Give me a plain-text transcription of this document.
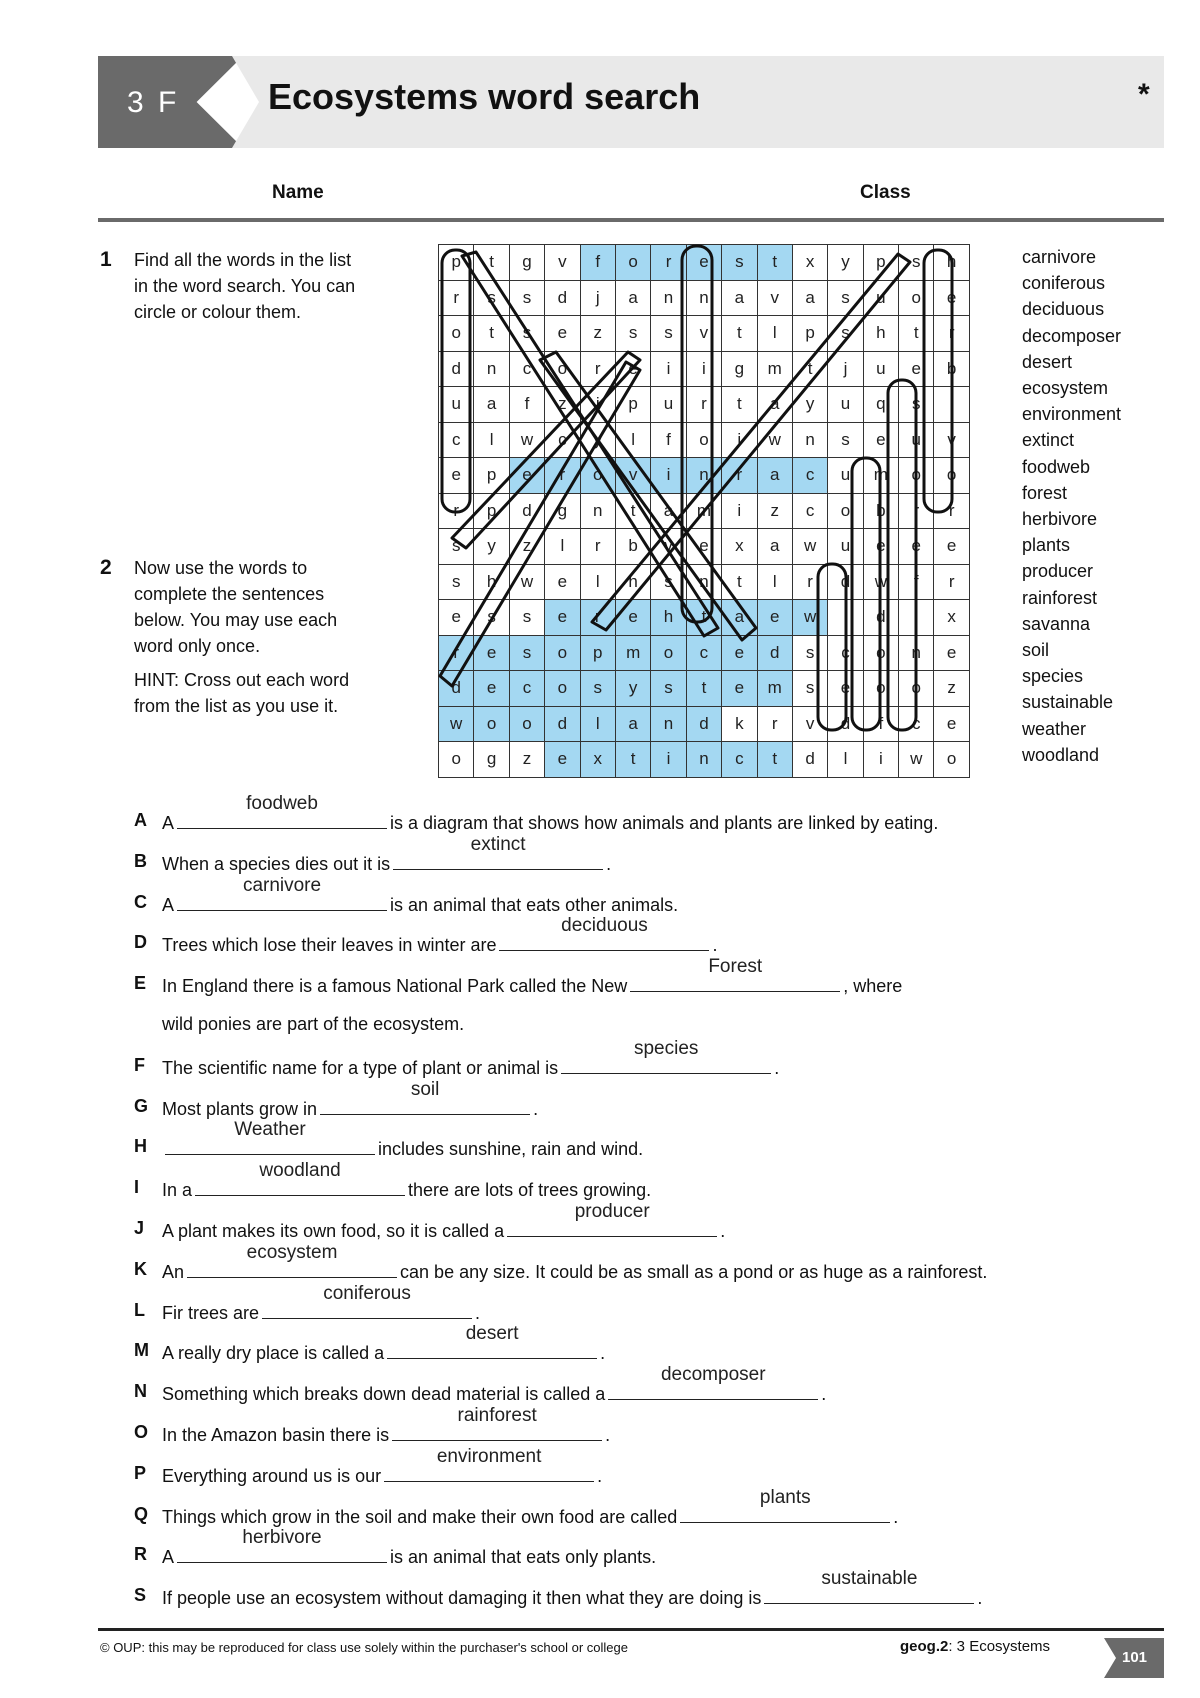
3 F Ecosystems word search	*
Name	Class
1 Find all the words in the list in the word search. You can circle or colour them.

2 Now use the words to complete the sentences below. You may use each word only once.

HINT: Cross out each word from the list as you use it.

p	t	g	v	f	o	r	e	s	t	x	y	p	s	h
r	s	s	d	j	a	n	n	a	v	a	s	u	o	e
o	t	s	e	z	s	s	v	t	l	p	s	h	t	r
d	n	c	o	r	e	i	i	g	m	t	j	u	e	b
u	a	f	z	i	p	u	r	t	a	y	u	q	s	i
c	l	w	c	y	l	f	o	i	w	n	s	e	u	v
e	p	e	r	o	v	i	n	r	a	c	u	m	o	o
r	p	d	g	n	t	a	m	i	z	c	o	b	r	r
s	y	z	l	r	b	v	e	x	a	w	u	e	e	e
s	h	w	e	l	h	s	n	t	l	r	d	w	f	r
e	s	s	e	r	e	h	t	a	e	w	i	d	i	x
r	e	s	o	p	m	o	c	e	d	s	c	o	n	e
d	e	c	o	s	y	s	t	e	m	s	e	o	o	z
w	o	o	d	l	a	n	d	k	r	v	d	f	c	e
o	g	z	e	x	t	i	n	c	t	d	l	i	w	o
carnivore
coniferous
deciduous
decomposer
desert
ecosystem
environment
extinct
foodweb
forest
herbivore
plants
producer
rainforest
savanna
soil
species
sustainable
weather
woodland
A A
foodweb
is a diagram that shows how animals and plants are linked by eating.
B When a species dies out it is
extinct
.
C A
carnivore
is an animal that eats other animals.
D Trees which lose their leaves in winter are
deciduous
.
E In England there is a famous National Park called the New
Forest
, where
wild ponies are part of the ecosystem.
F The scientific name for a type of plant or animal is
species
.
G Most plants grow in
soil
.
H
Weather
includes sunshine, rain and wind.
I	In a
woodland
there are lots of trees growing.
J A plant makes its own food, so it is called a
producer
.
K An
ecosystem
can be any size. It could be as small as a pond or as huge as a rainforest.
L Fir trees are
coniferous
.
M A really dry place is called a
desert
.
N Something which breaks down dead material is called a
decomposer
.
O In the Amazon basin there is
rainforest
.
P Everything around us is our
environment
.
Q Things which grow in the soil and make their own food are called
plants
.
R A
herbivore
is an animal that eats only plants.
S If people use an ecosystem without damaging it then what they are doing is
sustainable
.
© OUP: this may be reproduced for class use solely within the purchaser's school or college	geog.2: 3 Ecosystems
101
